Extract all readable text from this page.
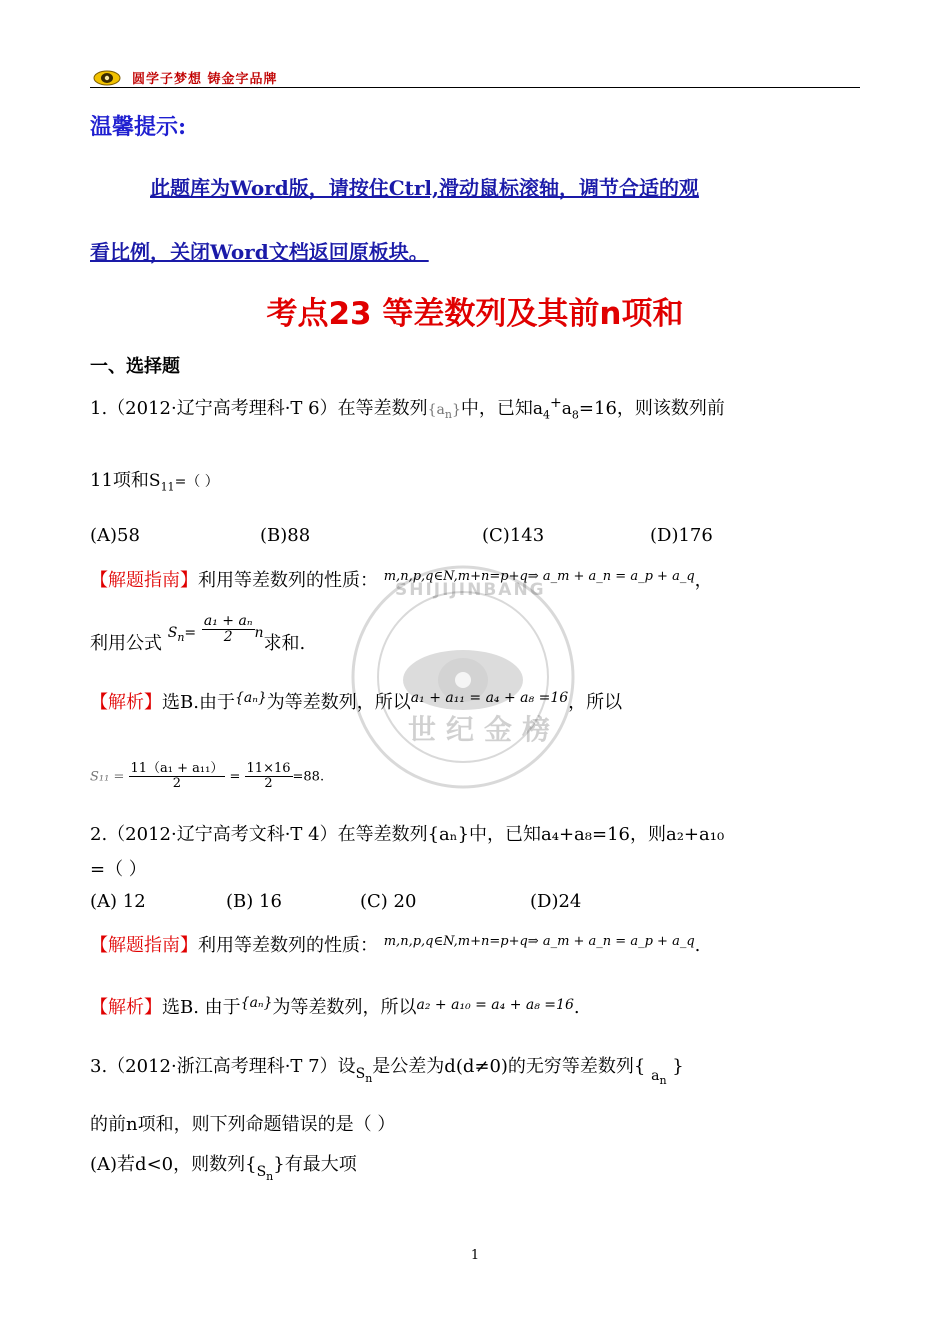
圆学子梦想 铸金字品牌
温馨提示:
此题库为Word版，请按住Ctrl,滑动鼠标滚轴，调节合适的观
看比例，关闭Word文档返回原板块。
考点23 等差数列及其前n项和
一、选择题
SHIJIJINBANG
世纪金榜
1.（2012·辽宁高考理科·T 6）在等差数列$\{a_n\}$中，已知$a_4^+a_8=16$，则该数列前
11项和$S_{11}=$（ ）
(A)58	(B)88	(C)143	(D)176
【解题指南】利用等差数列的性质： $^{m,n,p,q\in N,m+n=p+q\Rightarrow a\_m + a\_n = a\_p + a\_q}$，
利用公式 $^{S_n=} \frac{\text{a₁ + aₙ}}{2} ^n$求和.
【解析】选B.由于$^{\{a_n\}}$为等差数列，所以$^{a_1 + a_{11} = a_4 + a_8 =16}$，所以
$S_{11} = \frac{\text{11（a₁ + a₁₁）}}{2} = \frac{11\times 16}{2} =88$.
2.（2012·辽宁高考文科·T 4）在等差数列{aₙ}中，已知a₄+a₈=16，则a₂+a₁₀
=（ ）
(A) 12	(B) 16	(C) 20	(D)24
【解题指南】利用等差数列的性质： $^{m,n,p,q\in N,m+n=p+q\Rightarrow a\_m + a\_n = a\_p + a\_q}$.
【解析】选B. 由于$^{\{a_n\}}$为等差数列，所以$^{a_2 + a_{10} = a_4 + a_8 =16}$.
3.（2012·浙江高考理科·T 7）设$_{S_n}$是公差为d(d≠0)的无穷等差数列{ $_{a_n}$ }
的前n项和，则下列命题错误的是（ ）
(A)若d<0，则数列$\{_{S_n}\}$有最大项
1
